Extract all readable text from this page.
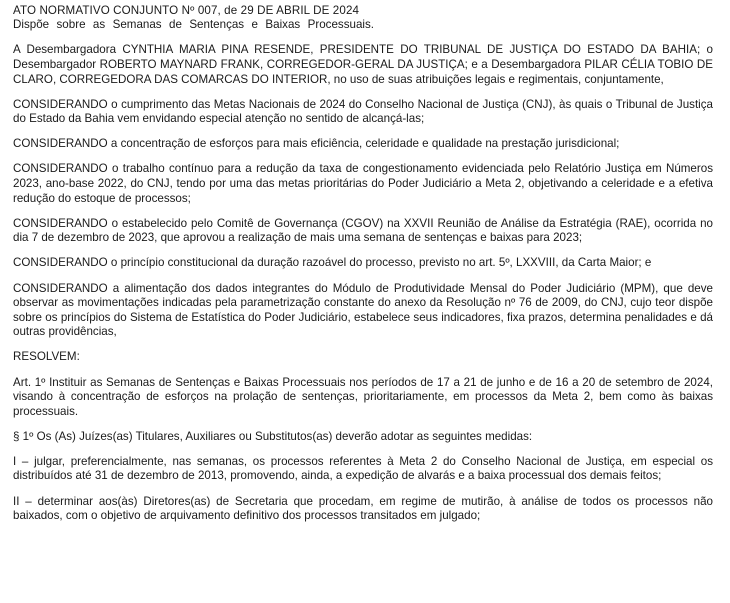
ATO NORMATIVO CONJUNTO Nº 007, de 29 DE ABRIL DE 2024

Dispõe sobre as Semanas de Sentenças e Baixas Processuais.

A Desembargadora CYNTHIA MARIA PINA RESENDE, PRESIDENTE DO TRIBUNAL DE JUSTIÇA DO ESTADO DA BAHIA; o Desembargador ROBERTO MAYNARD FRANK, CORREGEDOR-GERAL DA JUSTIÇA; e a Desembargadora PILAR CÉLIA TOBIO DE CLARO, CORREGEDORA DAS COMARCAS DO INTERIOR, no uso de suas atribuições legais e regimentais, conjuntamente,

CONSIDERANDO o cumprimento das Metas Nacionais de 2024 do Conselho Nacional de Justiça (CNJ), às quais o Tribunal de Justiça do Estado da Bahia vem envidando especial atenção no sentido de alcançá-las;

CONSIDERANDO a concentração de esforços para mais eficiência, celeridade e qualidade na prestação jurisdicional;

CONSIDERANDO o trabalho contínuo para a redução da taxa de congestionamento evidenciada pelo Relatório Justiça em Números 2023, ano-base 2022, do CNJ, tendo por uma das metas prioritárias do Poder Judiciário a Meta 2, objetivando a celeridade e a efetiva redução do estoque de processos;

CONSIDERANDO o estabelecido pelo Comitê de Governança (CGOV) na XXVII Reunião de Análise da Estratégia (RAE), ocorrida no dia 7 de dezembro de 2023, que aprovou a realização de mais uma semana de sentenças e baixas para 2023;

CONSIDERANDO o princípio constitucional da duração razoável do processo, previsto no art. 5º, LXXVIII, da Carta Maior; e

CONSIDERANDO a alimentação dos dados integrantes do Módulo de Produtividade Mensal do Poder Judiciário (MPM), que deve observar as movimentações indicadas pela parametrização constante do anexo da Resolução nº 76 de 2009, do CNJ, cujo teor dispõe sobre os princípios do Sistema de Estatística do Poder Judiciário, estabelece seus indicadores, fixa prazos, determina penalidades e dá outras providências,

RESOLVEM:

Art. 1º Instituir as Semanas de Sentenças e Baixas Processuais nos períodos de 17 a 21 de junho e de 16 a 20 de setembro de 2024, visando à concentração de esforços na prolação de sentenças, prioritariamente, em processos da Meta 2, bem como às baixas processuais.

§ 1º Os (As) Juízes(as) Titulares, Auxiliares ou Substitutos(as) deverão adotar as seguintes medidas:

I – julgar, preferencialmente, nas semanas, os processos referentes à Meta 2 do Conselho Nacional de Justiça, em especial os distribuídos até 31 de dezembro de 2013, promovendo, ainda, a expedição de alvarás e a baixa processual dos demais feitos;

II – determinar aos(às) Diretores(as) de Secretaria que procedam, em regime de mutirão, à análise de todos os processos não baixados, com o objetivo de arquivamento definitivo dos processos transitados em julgado;
